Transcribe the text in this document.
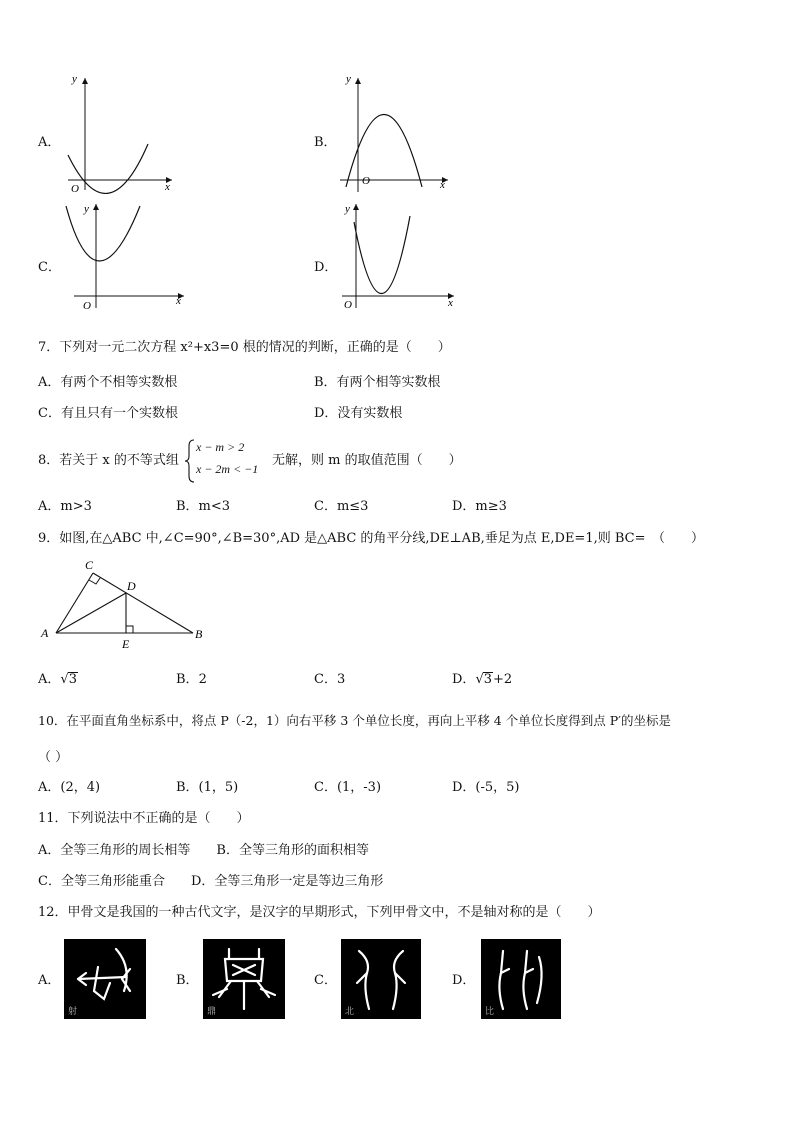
A．
y
x
O
B．
y
x
O
C．
y
x
O
D．
y
x
O
7．下列对一元二次方程 x²+x3=0 根的情况的判断，正确的是（　　）
A．有两个不相等实数根	B．有两个相等实数根
C．有且只有一个实数根	D．没有实数根
8．若关于 x 的不等式组
x − m > 2
x − 2m < −1
无解，则 m 的取值范围（　　）
A．m>3	B．m<3	C．m≤3	D．m≥3
9．如图,在△ABC 中,∠C=90°,∠B=30°,AD 是△ABC 的角平分线,DE⊥AB,垂足为点 E,DE=1,则 BC=　（　　）
C
D
A
E
B
A．√3	B．2	C．3	D．√3+2
10．在平面直角坐标系中，将点 P（-2，1）向右平移 3 个单位长度，再向上平移 4 个单位长度得到点 P′的坐标是
（ ）
A．(2，4)	B．(1，5)	C．(1，-3)	D．(-5，5)
11．下列说法中不正确的是（　　）
A．全等三角形的周长相等　　B．全等三角形的面积相等
C．全等三角形能重合　　D．全等三角形一定是等边三角形
12．甲骨文是我国的一种古代文字，是汉字的早期形式，下列甲骨文中，不是轴对称的是（　　）
A．
射
B．
鼎
C．
北
D．
比
